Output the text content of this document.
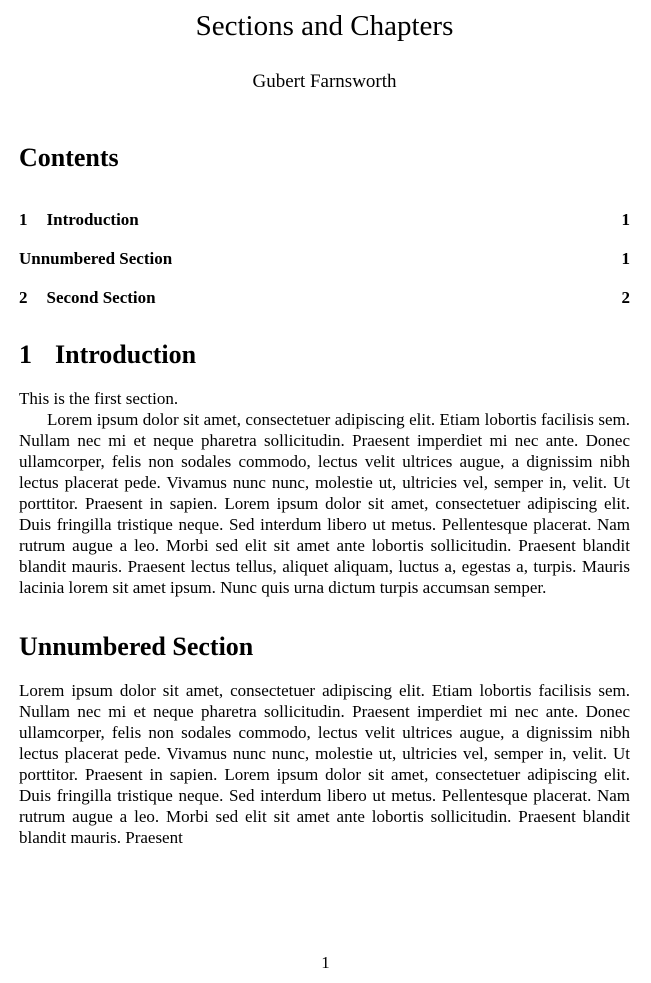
Sections and Chapters
Gubert Farnsworth
Contents
1 Introduction	1
Unnumbered Section	1
2 Second Section	2
1 Introduction

This is the first section.

Lorem ipsum dolor sit amet, consectetuer adipiscing elit. Etiam lobortis facilisis sem. Nullam nec mi et neque pharetra sollicitudin. Praesent imperdiet mi nec ante. Donec ullamcorper, felis non sodales commodo, lectus velit ultrices augue, a dignissim nibh lectus placerat pede. Vivamus nunc nunc, molestie ut, ultricies vel, semper in, velit. Ut porttitor. Praesent in sapien. Lorem ipsum dolor sit amet, consectetuer adipiscing elit. Duis fringilla tristique neque. Sed interdum libero ut metus. Pellentesque placerat. Nam rutrum augue a leo. Morbi sed elit sit amet ante lobortis sollicitudin. Praesent blandit blandit mauris. Praesent lectus tellus, aliquet aliquam, luctus a, egestas a, turpis. Mauris lacinia lorem sit amet ipsum. Nunc quis urna dictum turpis accumsan semper.

Unnumbered Section

Lorem ipsum dolor sit amet, consectetuer adipiscing elit. Etiam lobortis facilisis sem. Nullam nec mi et neque pharetra sollicitudin. Praesent imperdiet mi nec ante. Donec ullamcorper, felis non sodales commodo, lectus velit ultrices augue, a dignissim nibh lectus placerat pede. Vivamus nunc nunc, molestie ut, ultricies vel, semper in, velit. Ut porttitor. Praesent in sapien. Lorem ipsum dolor sit amet, consectetuer adipiscing elit. Duis fringilla tristique neque. Sed interdum libero ut metus. Pellentesque placerat. Nam rutrum augue a leo. Morbi sed elit sit amet ante lobortis sollicitudin. Praesent blandit blandit mauris. Praesent

1
